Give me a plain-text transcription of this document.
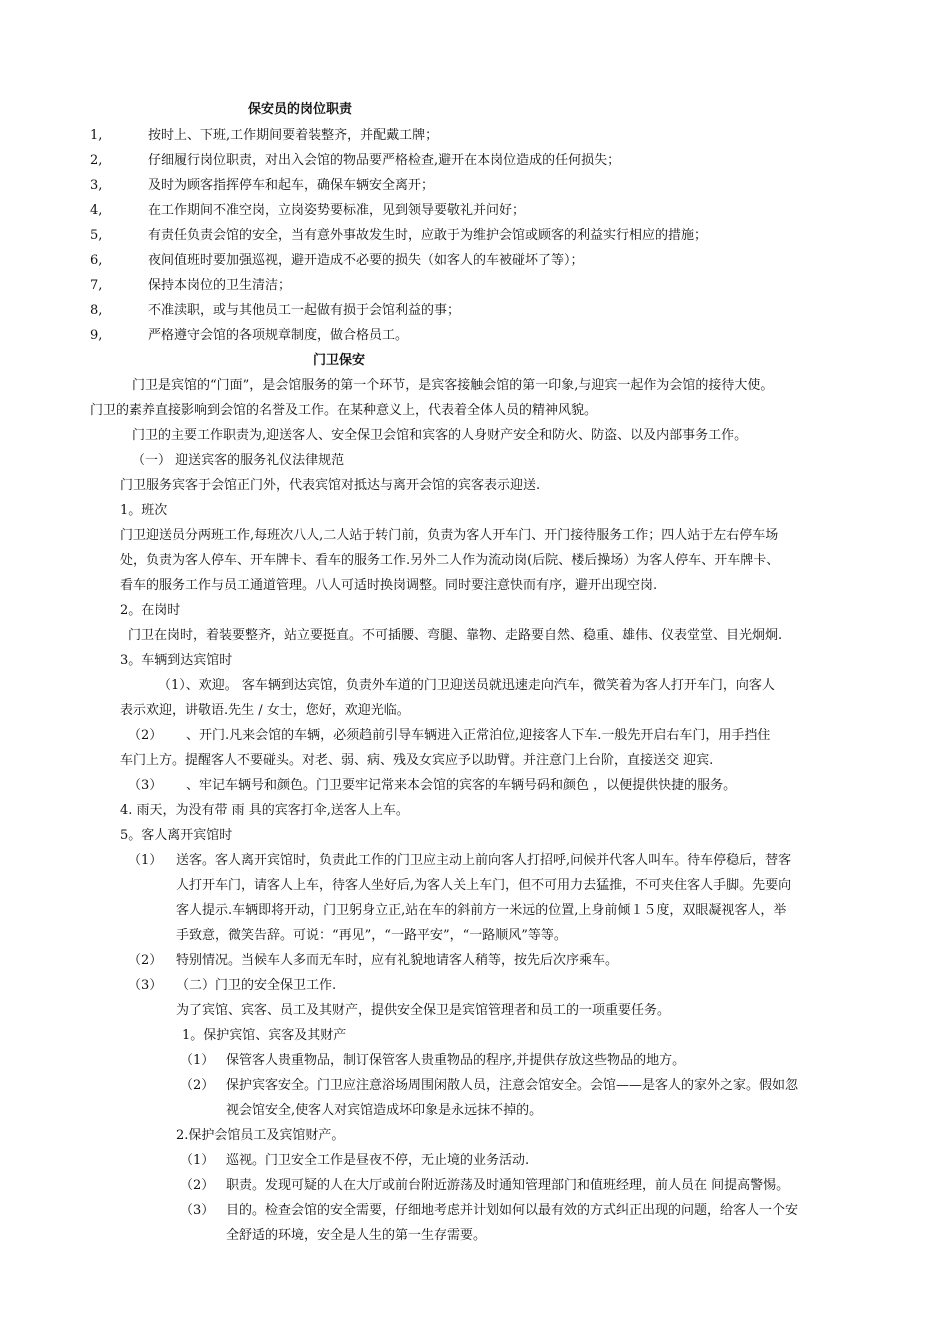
保安员的岗位职责
1,	按时上、下班,工作期间要着装整齐，并配戴工牌；
2,	仔细履行岗位职责，对出入会馆的物品要严格检查,避开在本岗位造成的任何损失；
3,	及时为顾客指挥停车和起车，确保车辆安全离开；
4,	在工作期间不准空岗，立岗姿势要标准，见到领导要敬礼并问好；
5,	有责任负责会馆的安全，当有意外事故发生时，应敢于为维护会馆或顾客的利益实行相应的措施；
6,	夜间值班时要加强巡视，避开造成不必要的损失（如客人的车被碰坏了等）；
7,	保持本岗位的卫生清洁；
8,	不准渎职，或与其他员工一起做有损于会馆利益的事；
9,	严格遵守会馆的各项规章制度，做合格员工。
门卫保安
门卫是宾馆的“门面”，是会馆服务的第一个环节，是宾客接触会馆的第一印象,与迎宾一起作为会馆的接待大使。
门卫的素养直接影响到会馆的名誉及工作。在某种意义上，代表着全体人员的精神风貌。
门卫的主要工作职责为,迎送客人、安全保卫会馆和宾客的人身财产安全和防火、防盗、以及内部事务工作。
（一） 迎送宾客的服务礼仪法律规范
门卫服务宾客于会馆正门外，代表宾馆对抵达与离开会馆的宾客表示迎送.
1。班次
门卫迎送员分两班工作,每班次八人,二人站于转门前，负责为客人开车门、开门接待服务工作；四人站于左右停车场
处，负责为客人停车、开车牌卡、看车的服务工作.另外二人作为流动岗(后院、楼后操场）为客人停车、开车牌卡、
看车的服务工作与员工通道管理。八人可适时换岗调整。同时要注意快而有序，避开出现空岗.
2。在岗时
门卫在岗时，着装要整齐，站立要挺直。不可插腰、弯腿、靠物、走路要自然、稳重、雄伟、仪表堂堂、目光炯炯.
3。车辆到达宾馆时
（1）、欢迎。 客车辆到达宾馆，负责外车道的门卫迎送员就迅速走向汽车，微笑着为客人打开车门，向客人
表示欢迎，讲敬语.先生 / 女士，您好，欢迎光临。
（2） 、开门.凡来会馆的车辆，必须趋前引导车辆进入正常泊位,迎接客人下车.一般先开启右车门，用手挡住
车门上方。提醒客人不要碰头。对老、弱、病、残及女宾应予以助臂。并注意门上台阶，直接送交 迎宾.
（3） 、牢记车辆号和颜色。门卫要牢记常来本会馆的宾客的车辆号码和颜色 ，以便提供快捷的服务。
4. 雨天，为没有带 雨 具的宾客打伞,送客人上车。
5。客人离开宾馆时
（1） 送客。客人离开宾馆时，负责此工作的门卫应主动上前向客人打招呼,问候并代客人叫车。待车停稳后，替客
人打开车门，请客人上车，待客人坐好后,为客人关上车门，但不可用力去猛推，不可夹住客人手脚。先要向
客人提示.车辆即将开动，门卫躬身立正,站在车的斜前方一米远的位置,上身前倾１５度，双眼凝视客人，举
手致意，微笑告辞。可说：“再见”，“一路平安”，“一路顺风”等等。
（2） 特别情况。当候车人多而无车时，应有礼貌地请客人稍等，按先后次序乘车。
（3） （二）门卫的安全保卫工作.
为了宾馆、宾客、员工及其财产，提供安全保卫是宾馆管理者和员工的一项重要任务。
1。保护宾馆、宾客及其财产
（1） 保管客人贵重物品，制订保管客人贵重物品的程序,并提供存放这些物品的地方。
（2） 保护宾客安全。门卫应注意浴场周围闲散人员，注意会馆安全。会馆——是客人的家外之家。假如忽
视会馆安全,使客人对宾馆造成坏印象是永远抹不掉的。
2.保护会馆员工及宾馆财产。
（1） 巡视。门卫安全工作是昼夜不停，无止境的业务活动.
（2） 职责。发现可疑的人在大厅或前台附近游荡及时通知管理部门和值班经理，前人员在 间提高警惕。
（3） 目的。检查会馆的安全需要，仔细地考虑并计划如何以最有效的方式纠正出现的问题，给客人一个安
全舒适的环境，安全是人生的第一生存需要。
